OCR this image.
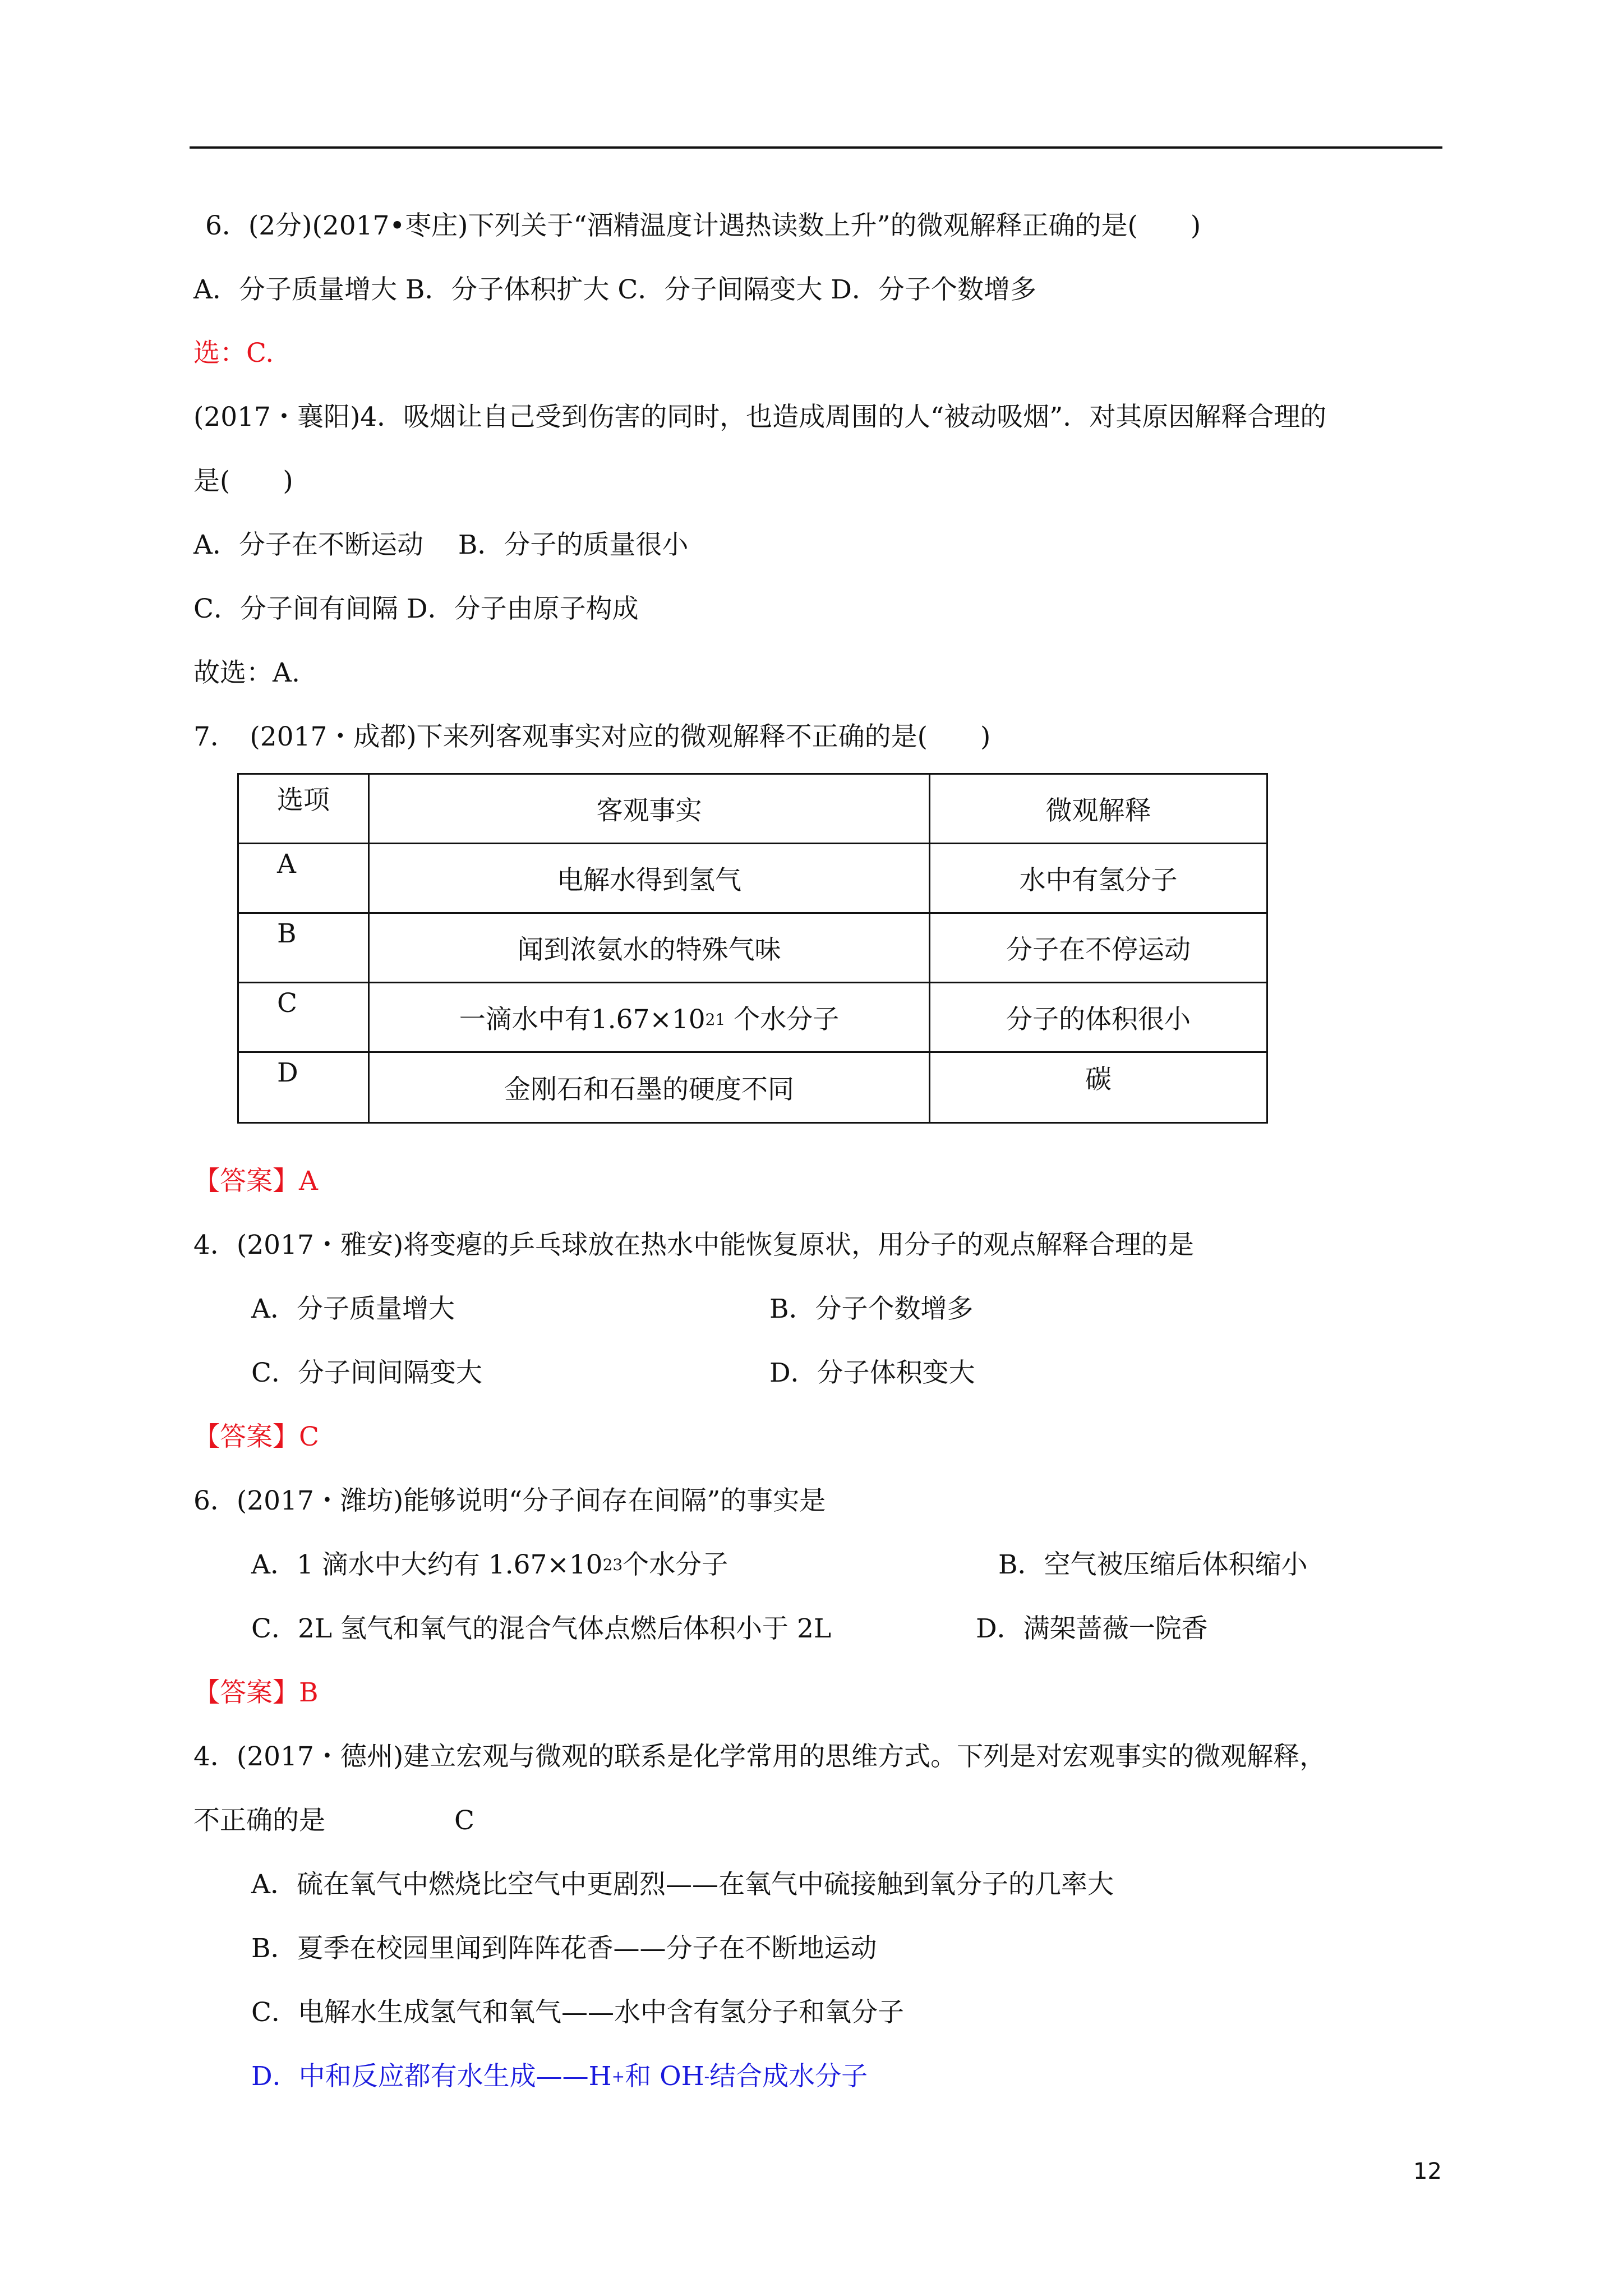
6．(2分)(2017•枣庄)下列关于“酒精温度计遇热读数上升”的微观解释正确的是(　　)
A．分子质量增大 B．分子体积扩大 C．分子间隔变大 D．分子个数增多
选：C.
(2017・襄阳)4．吸烟让自己受到伤害的同时，也造成周围的人“被动吸烟”．对其原因解释合理的
是(　　)
A．分子在不断运动　 B．分子的质量很小
C．分子间有间隔 D．分子由原子构成
故选：A.
7．　(2017・成都)下来列客观事实对应的微观解释不正确的是(　　)
选项	客观事实	微观解释
A	电解水得到氢气	水中有氢分子
B	闻到浓氨水的特殊气味	分子在不停运动
C	一滴水中有$1.67\times 10^{21}$ 个水分子	分子的体积很小
D	金刚石和石墨的硬度不同	碳
【答案】A
4．(2017・雅安)将变瘪的乒乓球放在热水中能恢复原状，用分子的观点解释合理的是
A．分子质量增大	B．分子个数增多
C．分子间间隔变大	D．分子体积变大
【答案】C
6．(2017・潍坊)能够说明“分子间存在间隔”的事实是
A．1 滴水中大约有 $1.67\times 10^{23}$个水分子	B．空气被压缩后体积缩小
C．2L 氢气和氧气的混合气体点燃后体积小于 2L	D．满架蔷薇一院香
【答案】B
4．(2017・德州)建立宏观与微观的联系是化学常用的思维方式。下列是对宏观事实的微观解释，
不正确的是	C
A．硫在氧气中燃烧比空气中更剧烈——在氧气中硫接触到氧分子的几率大
B．夏季在校园里闻到阵阵花香——分子在不断地运动
C．电解水生成氢气和氧气——水中含有氢分子和氧分子
D．中和反应都有水生成——H+和 OH-结合成水分子
12
